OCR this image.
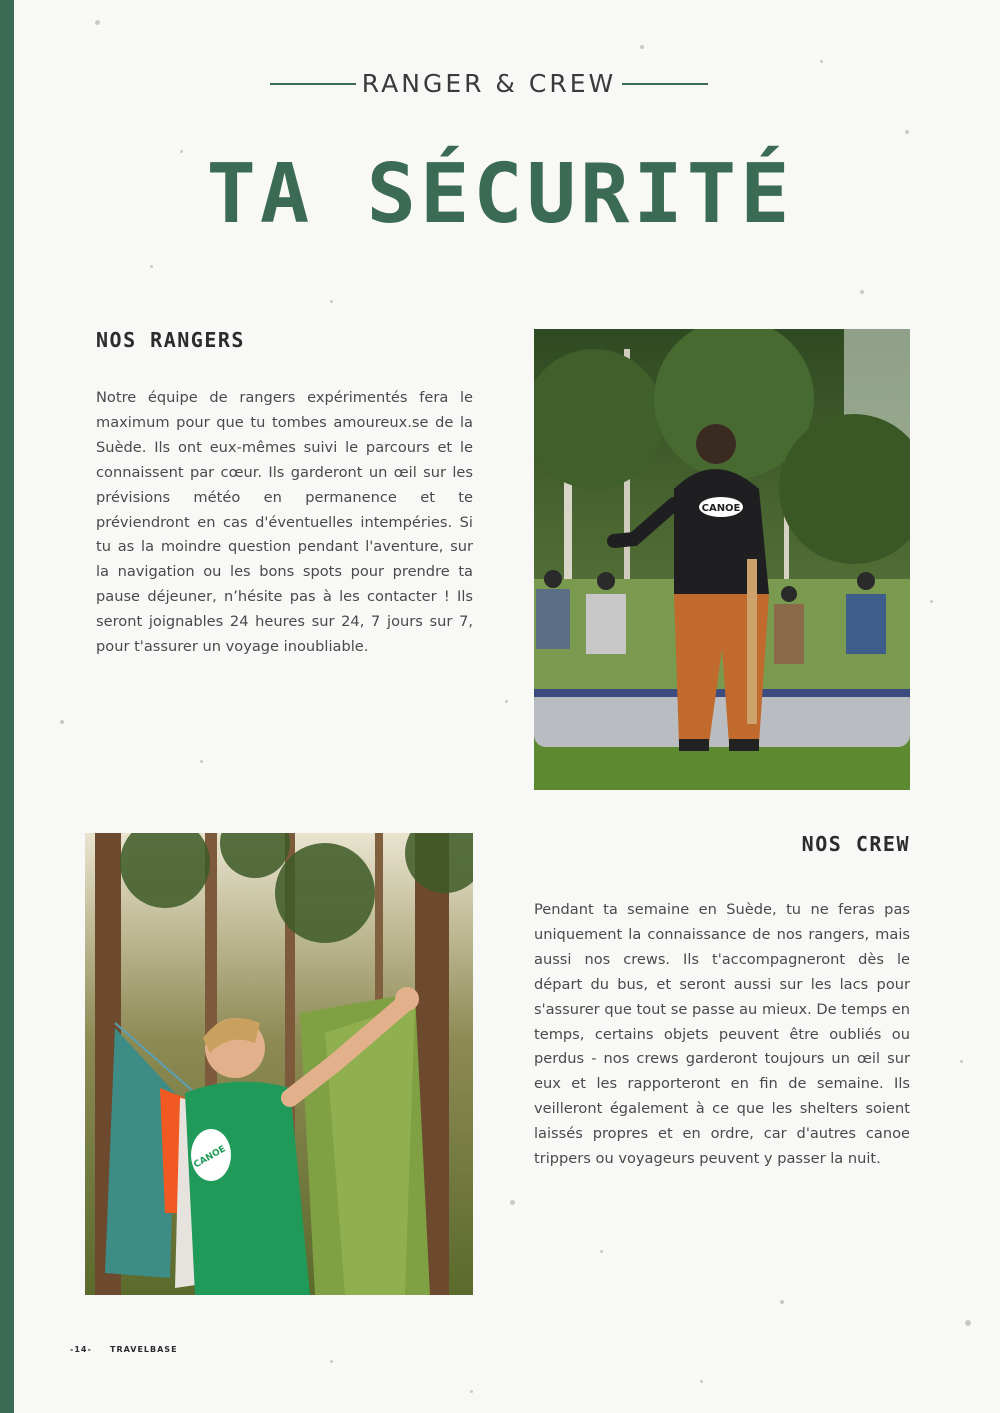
RANGER & CREW
TA SÉCURITÉ
NOS RANGERS

Notre équipe de rangers expérimentés fera le maximum pour que tu tombes amoureux.se de la Suède. Ils ont eux-mêmes suivi le parcours et le connaissent par cœur. Ils garderont un œil sur les prévisions météo en permanence et te préviendront en cas d'éventuelles intempéries. Si tu as la moindre question pendant l'aventure, sur la navigation ou les bons spots pour prendre ta pause déjeuner, n’hésite pas à les contacter ! Ils seront joignables 24 heures sur 24, 7 jours sur 7, pour t'assurer un voyage inoubliable.

CANOE
CANOE
NOS CREW

Pendant ta semaine en Suède, tu ne feras pas uniquement la connaissance de nos rangers, mais aussi nos crews. Ils t'accompagneront dès le départ du bus, et seront aussi sur les lacs pour s'assurer que tout se passe au mieux. De temps en temps, certains objets peuvent être oubliés ou perdus - nos crews garderont toujours un œil sur eux et les rapporteront en fin de semaine. Ils veilleront également à ce que les shelters soient laissés propres et en ordre, car d'autres canoe trippers ou voyageurs peuvent y passer la nuit.

-14- TRAVELBASE
